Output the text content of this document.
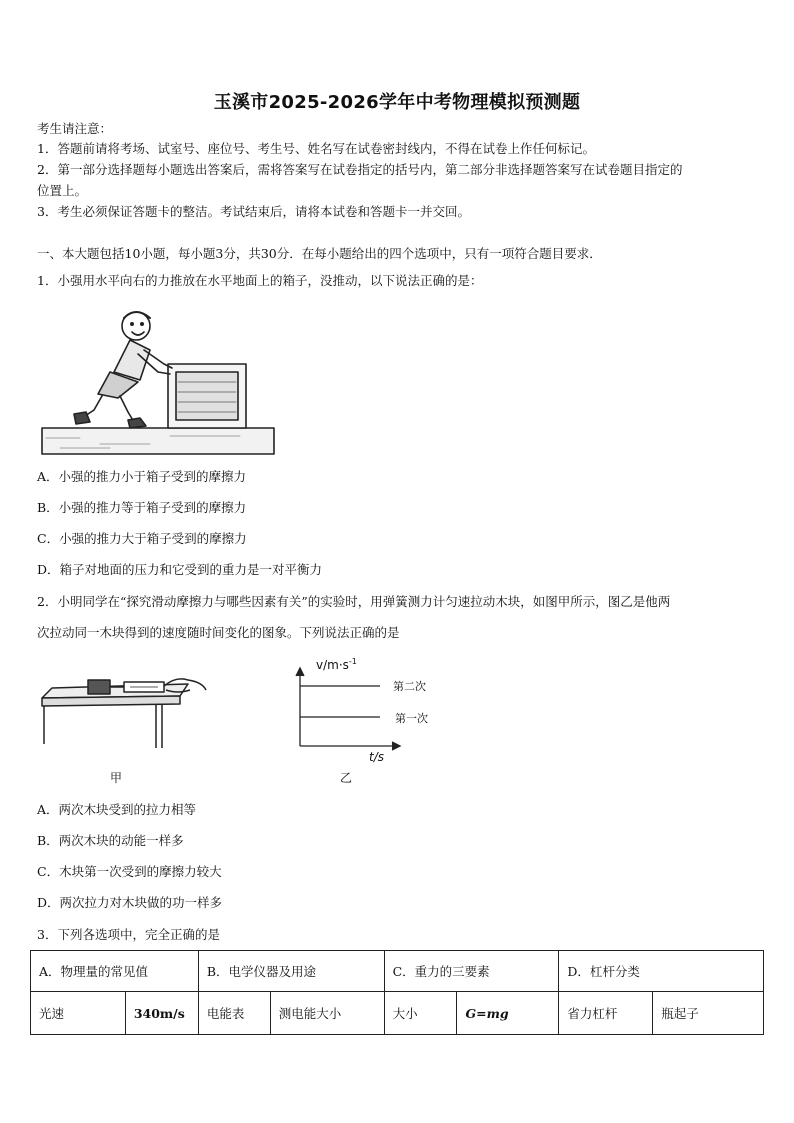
玉溪市2025-2026学年中考物理模拟预测题
考生请注意：
1．答题前请将考场、试室号、座位号、考生号、姓名写在试卷密封线内，不得在试卷上作任何标记。
2．第一部分选择题每小题选出答案后，需将答案写在试卷指定的括号内，第二部分非选择题答案写在试卷题目指定的
位置上。
3．考生必须保证答题卡的整洁。考试结束后，请将本试卷和答题卡一并交回。
一、本大题包括10小题，每小题3分，共30分．在每小题给出的四个选项中，只有一项符合题目要求．
1．小强用水平向右的力推放在水平地面上的箱子，没推动，以下说法正确的是：
A．小强的推力小于箱子受到的摩擦力
B．小强的推力等于箱子受到的摩擦力
C．小强的推力大于箱子受到的摩擦力
D．箱子对地面的压力和它受到的重力是一对平衡力
2．小明同学在“探究滑动摩擦力与哪些因素有关”的实验时，用弹簧测力计匀速拉动木块，如图甲所示，图乙是他两
次拉动同一木块得到的速度随时间变化的图象。下列说法正确的是
甲
$v/m\cdot s^{-1}$
第二次
第一次
t/s
乙
A．两次木块受到的拉力相等
B．两次木块的动能一样多
C．木块第一次受到的摩擦力较大
D．两次拉力对木块做的功一样多
3．下列各选项中，完全正确的是
A．物理量的常见值		B．电学仪器及用途		C．重力的三要素		D．杠杆分类	
光速	340m/s	电能表	测电能大小	大小	G=mg	省力杠杆	瓶起子
